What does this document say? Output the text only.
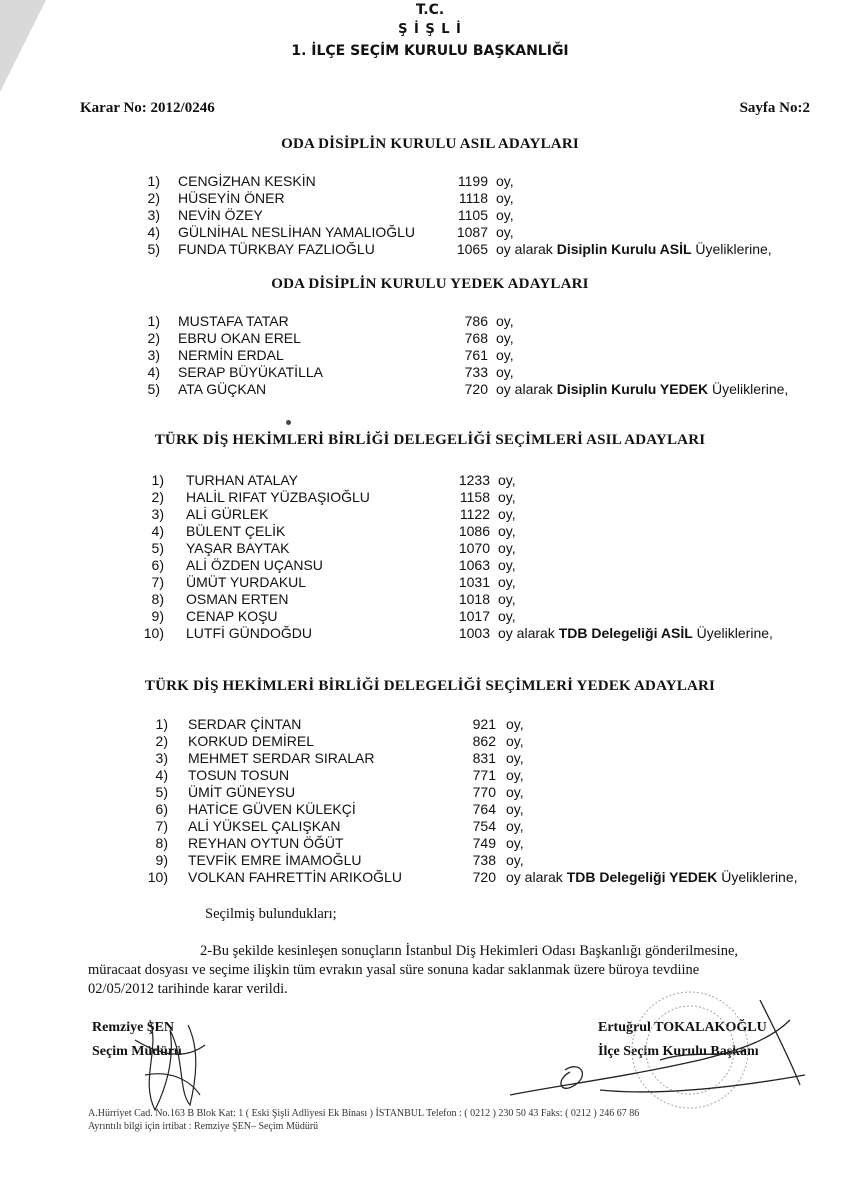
T.C.
Ş İ Ş L İ
1. İLÇE SEÇİM KURULU BAŞKANLIĞI
Karar No: 2012/0246	Sayfa No:2
ODA DİSİPLİN KURULU ASIL ADAYLARI
1) CENGİZHAN KESKİN	1199 oy,
2) HÜSEYİN ÖNER	1118 oy,
3) NEVİN ÖZEY	1105 oy,
4) GÜLNİHAL NESLİHAN YAMALIOĞLU	1087 oy,
5) FUNDA TÜRKBAY FAZLIOĞLU	1065 oy alarak Disiplin Kurulu ASİL Üyeliklerine,
ODA DİSİPLİN KURULU YEDEK ADAYLARI
1) MUSTAFA TATAR	786 oy,
2) EBRU OKAN EREL	768 oy,
3) NERMİN ERDAL	761 oy,
4) SERAP BÜYÜKATİLLA	733 oy,
5) ATA GÜÇKAN	720 oy alarak Disiplin Kurulu YEDEK Üyeliklerine,
TÜRK DİŞ HEKİMLERİ BİRLİĞİ DELEGELİĞİ SEÇİMLERİ ASIL ADAYLARI
1) TURHAN ATALAY	1233 oy,
2) HALİL RIFAT YÜZBAŞIOĞLU	1158 oy,
3) ALİ GÜRLEK	1122 oy,
4) BÜLENT ÇELİK	1086 oy,
5) YAŞAR BAYTAK	1070 oy,
6) ALİ ÖZDEN UÇANSU	1063 oy,
7) ÜMÜT YURDAKUL	1031 oy,
8) OSMAN ERTEN	1018 oy,
9) CENAP KOŞU	1017 oy,
10) LUTFİ GÜNDOĞDU	1003 oy alarak TDB Delegeliği ASİL Üyeliklerine,
TÜRK DİŞ HEKİMLERİ BİRLİĞİ DELEGELİĞİ SEÇİMLERİ YEDEK ADAYLARI
1) SERDAR ÇİNTAN	921 oy,
2) KORKUD DEMİREL	862 oy,
3) MEHMET SERDAR SIRALAR	831 oy,
4) TOSUN TOSUN	771 oy,
5) ÜMİT GÜNEYSU	770 oy,
6) HATİCE GÜVEN KÜLEKÇİ	764 oy,
7) ALİ YÜKSEL ÇALIŞKAN	754 oy,
8) REYHAN OYTUN ÖĞÜT	749 oy,
9) TEVFİK EMRE İMAMOĞLU	738 oy,
10) VOLKAN FAHRETTİN ARIKOĞLU	720 oy alarak TDB Delegeliği YEDEK Üyeliklerine,
Seçilmiş bulundukları;
2-Bu şekilde kesinleşen sonuçların İstanbul Diş Hekimleri Odası Başkanlığı gönderilmesine,
müracaat dosyası ve seçime ilişkin tüm evrakın yasal süre sonuna kadar saklanmak üzere büroya tevdiine
02/05/2012 tarihinde karar verildi.
Remziye ŞEN
Seçim Müdürü
Ertuğrul TOKALAKOĞLU
İlçe Seçim Kurulu Başkanı
A.Hürriyet Cad. No.163 B Blok Kat: 1 ( Eski Şişli Adliyesi Ek Binası ) İSTANBUL Telefon : ( 0212 ) 230 50 43 Faks: ( 0212 ) 246 67 86
Ayrıntılı bilgi için irtibat : Remziye ŞEN– Seçim Müdürü
